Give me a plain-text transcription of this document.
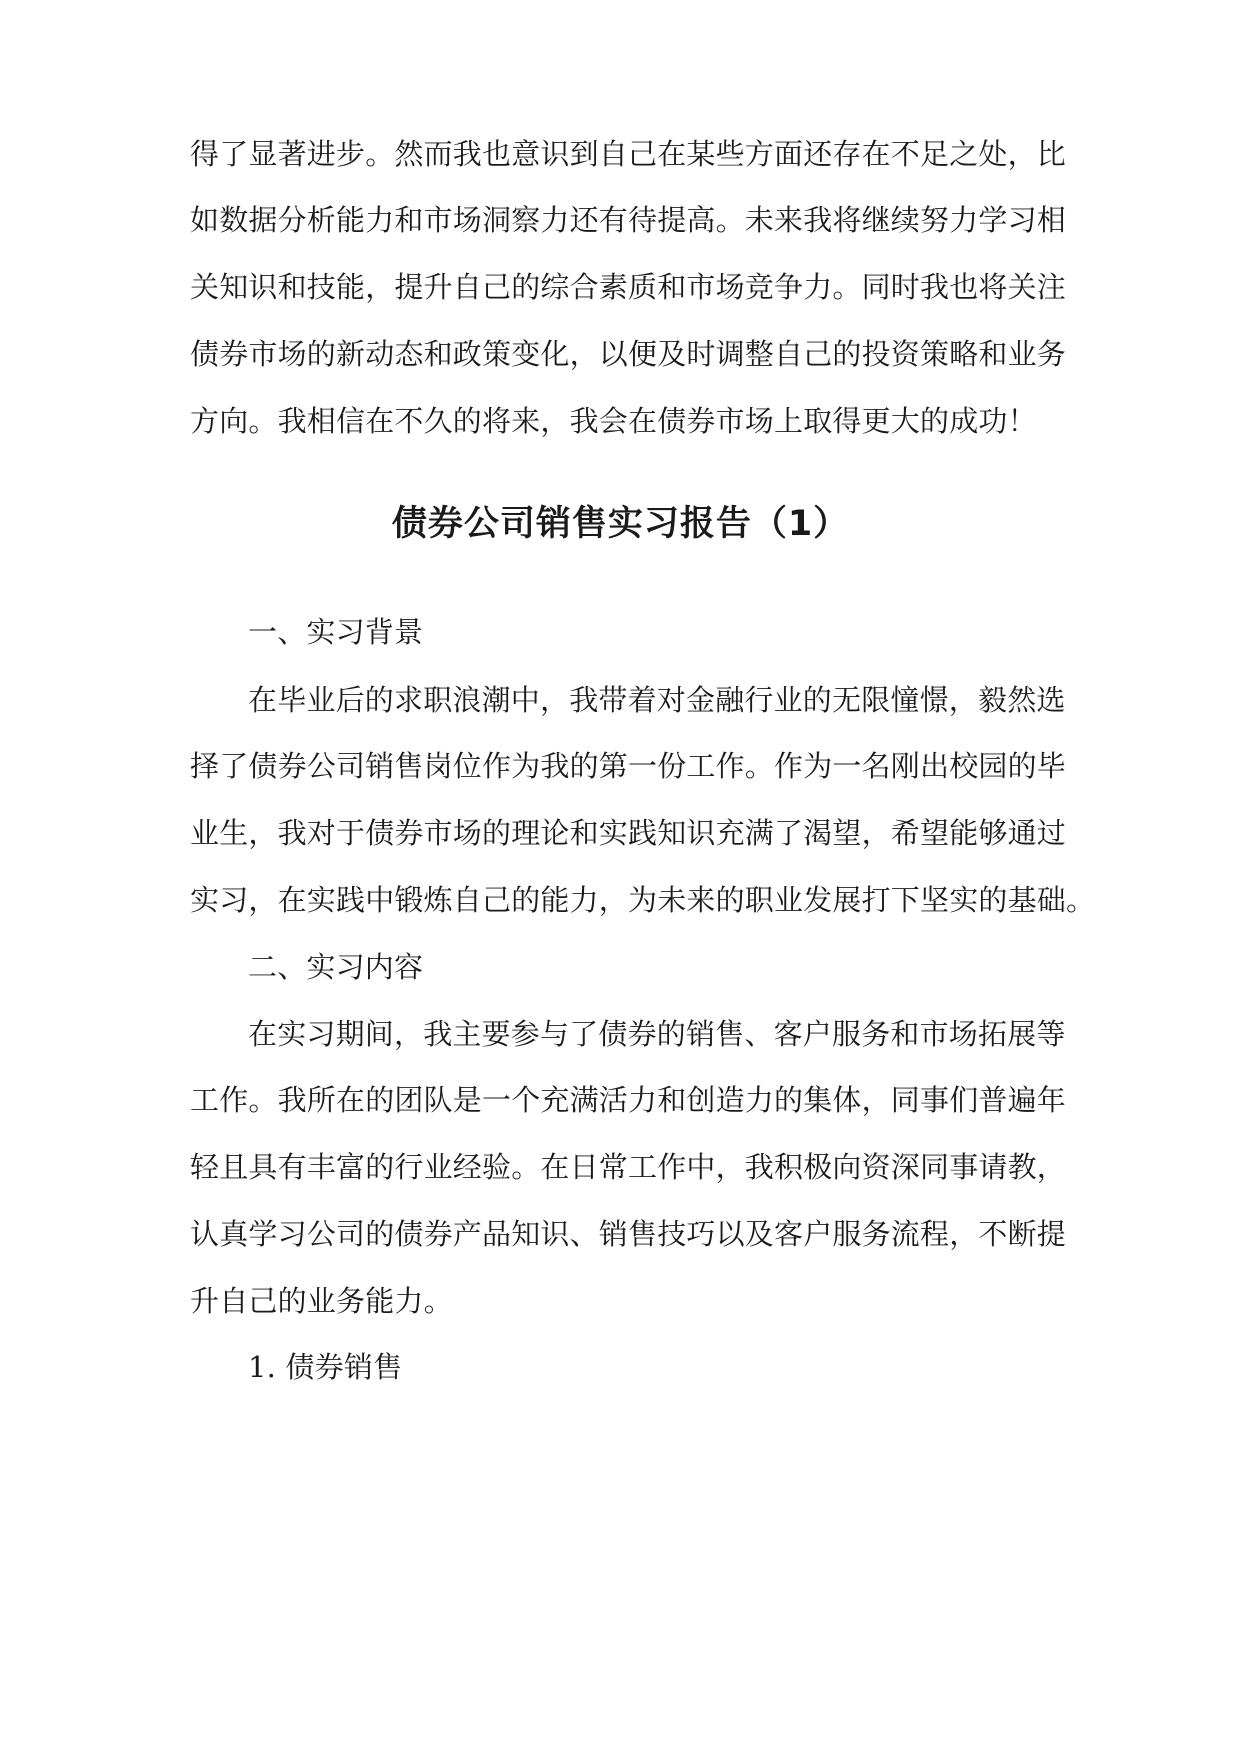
得了显著进步。然而我也意识到自己在某些方面还存在不足之处，比
如数据分析能力和市场洞察力还有待提高。未来我将继续努力学习相
关知识和技能，提升自己的综合素质和市场竞争力。同时我也将关注
债券市场的新动态和政策变化，以便及时调整自己的投资策略和业务
方向。我相信在不久的将来，我会在债券市场上取得更大的成功！
债券公司销售实习报告（1）
一、实习背景
在毕业后的求职浪潮中，我带着对金融行业的无限憧憬，毅然选
择了债券公司销售岗位作为我的第一份工作。作为一名刚出校园的毕
业生，我对于债券市场的理论和实践知识充满了渴望，希望能够通过
实习，在实践中锻炼自己的能力，为未来的职业发展打下坚实的基础。
二、实习内容
在实习期间，我主要参与了债券的销售、客户服务和市场拓展等
工作。我所在的团队是一个充满活力和创造力的集体，同事们普遍年
轻且具有丰富的行业经验。在日常工作中，我积极向资深同事请教，
认真学习公司的债券产品知识、销售技巧以及客户服务流程，不断提
升自己的业务能力。
1. 债券销售
